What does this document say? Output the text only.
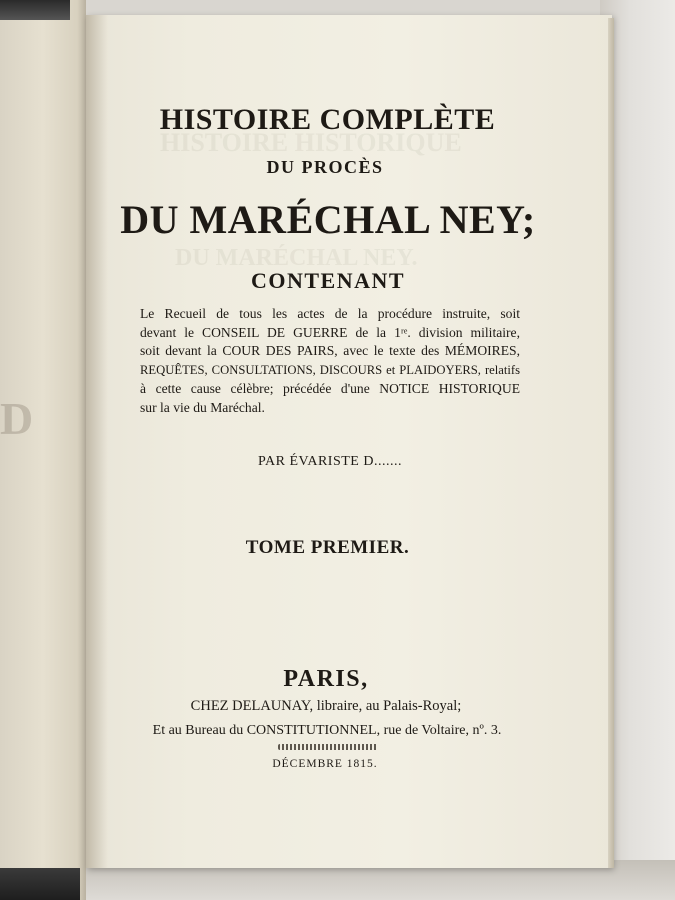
D
HISTOIRE HISTORIQUE
DU MARÉCHAL NEY.
HISTOIRE COMPLÈTE
DU PROCÈS
DU MARÉCHAL NEY;
CONTENANT
Le Recueil de tous les actes de la procédure instruite, soit
devant le CONSEIL DE GUERRE de la 1ʳᵉ. division militaire,
soit devant la COUR DES PAIRS, avec le texte des MÉMOIRES,
REQUÊTES, CONSULTATIONS, DISCOURS et PLAIDOYERS, relatifs
à cette cause célèbre; précédée d'une NOTICE HISTORIQUE
sur la vie du Maréchal.
PAR ÉVARISTE D.......
TOME PREMIER.
PARIS,
CHEZ DELAUNAY, libraire, au Palais-Royal;
Et au Bureau du CONSTITUTIONNEL, rue de Voltaire, nº. 3.
DÉCEMBRE 1815.
